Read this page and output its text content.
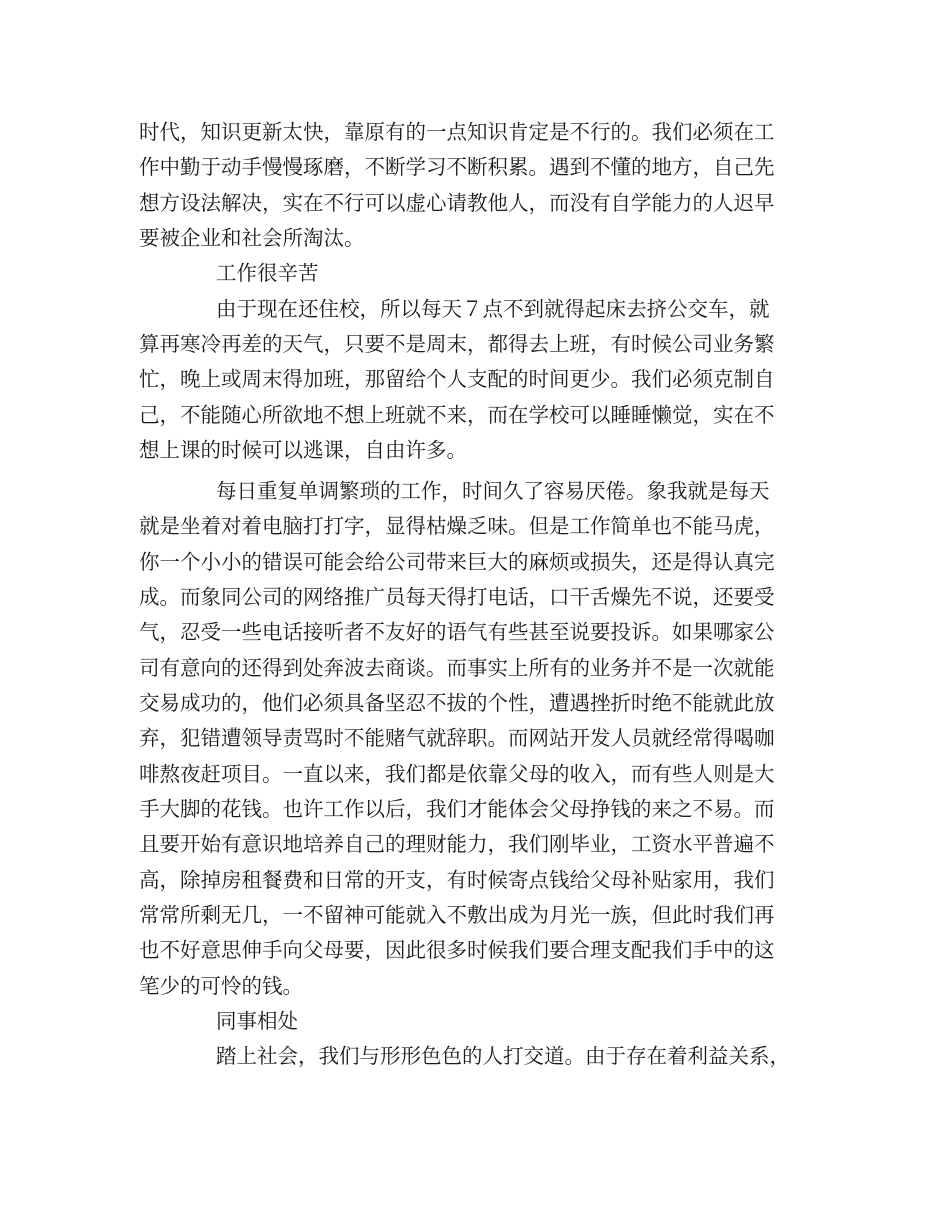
时代，知识更新太快，靠原有的一点知识肯定是不行的。我们必须在工

作中勤于动手慢慢琢磨，不断学习不断积累。遇到不懂的地方，自己先

想方设法解决，实在不行可以虚心请教他人，而没有自学能力的人迟早

要被企业和社会所淘汰。

工作很辛苦

由于现在还住校，所以每天７点不到就得起床去挤公交车，就

算再寒冷再差的天气，只要不是周末，都得去上班，有时候公司业务繁

忙，晚上或周末得加班，那留给个人支配的时间更少。我们必须克制自

己，不能随心所欲地不想上班就不来，而在学校可以睡睡懒觉，实在不

想上课的时候可以逃课，自由许多。

每日重复单调繁琐的工作，时间久了容易厌倦。象我就是每天

就是坐着对着电脑打打字，显得枯燥乏味。但是工作简单也不能马虎，

你一个小小的错误可能会给公司带来巨大的麻烦或损失，还是得认真完

成。而象同公司的网络推广员每天得打电话，口干舌燥先不说，还要受

气，忍受一些电话接听者不友好的语气有些甚至说要投诉。如果哪家公

司有意向的还得到处奔波去商谈。而事实上所有的业务并不是一次就能

交易成功的，他们必须具备坚忍不拔的个性，遭遇挫折时绝不能就此放

弃，犯错遭领导责骂时不能赌气就辞职。而网站开发人员就经常得喝咖

啡熬夜赶项目。一直以来，我们都是依靠父母的收入，而有些人则是大

手大脚的花钱。也许工作以后，我们才能体会父母挣钱的来之不易。而

且要开始有意识地培养自己的理财能力，我们刚毕业，工资水平普遍不

高，除掉房租餐费和日常的开支，有时候寄点钱给父母补贴家用，我们

常常所剩无几，一不留神可能就入不敷出成为月光一族，但此时我们再

也不好意思伸手向父母要，因此很多时候我们要合理支配我们手中的这

笔少的可怜的钱。

同事相处

踏上社会，我们与形形色色的人打交道。由于存在着利益关系，
